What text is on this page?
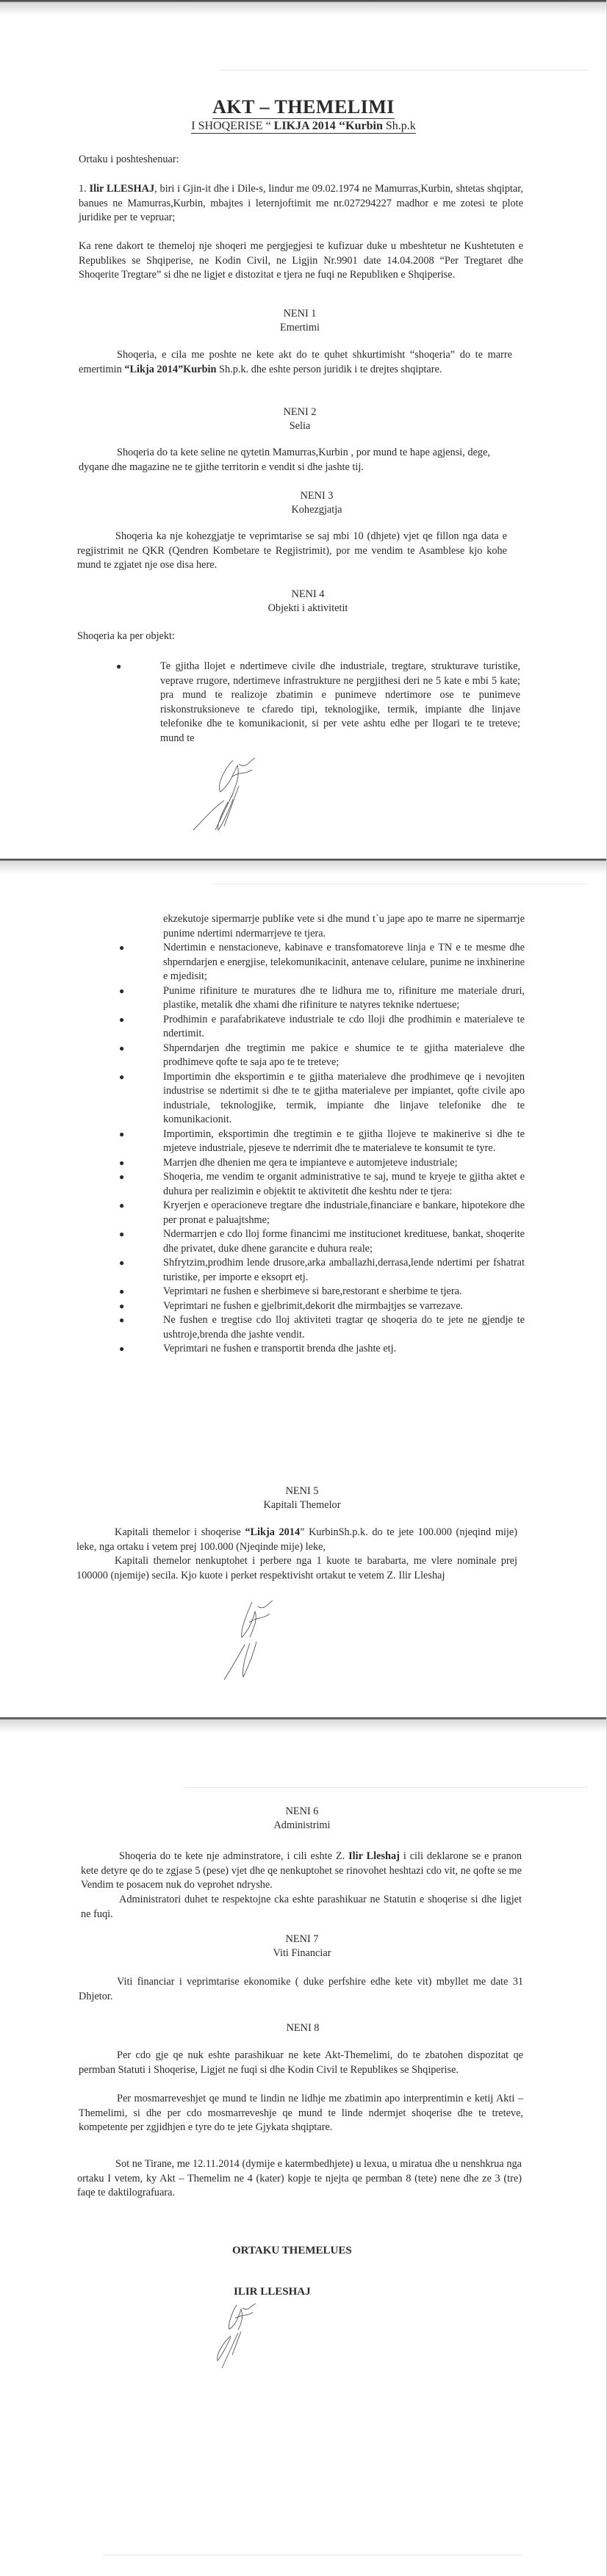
AKT – THEMELIMI
I SHOQERISE “ LIKJA 2014 ‘‘Kurbin Sh.p.k
Ortaku i poshteshenuar:
1. Ilir LLESHAJ, biri i Gjin-it dhe i Dile-s, lindur me 09.02.1974 ne Mamurras,Kurbin, shtetas shqiptar, banues ne Mamurras,Kurbin, mbajtes i leternjoftimit me nr.027294227 madhor e me zotesi te plote juridike per te vepruar;
Ka rene dakort te themeloj nje shoqeri me pergjegjesi te kufizuar duke u mbeshtetur ne Kushtetuten e Republikes se Shqiperise, ne Kodin Civil, ne Ligjin Nr.9901 date 14.04.2008 “Per Tregtaret dhe Shoqerite Tregtare” si dhe ne ligjet e distozitat e tjera ne fuqi ne Republiken e Shqiperise.
NENI 1
Emertimi
Shoqeria, e cila me poshte ne kete akt do te quhet shkurtimisht “shoqeria” do te marre emertimin “Likja 2014”Kurbin Sh.p.k. dhe eshte person juridik i te drejtes shqiptare.
NENI 2
Selia
Shoqeria do ta kete seline ne qytetin Mamurras,Kurbin , por mund te hape agjensi, dege, dyqane dhe magazine ne te gjithe territorin e vendit si dhe jashte tij.
NENI 3
Kohezgjatja
Shoqeria ka nje kohezgjatje te veprimtarise se saj mbi 10 (dhjete) vjet qe fillon nga data e regjistrimit ne QKR (Qendren Kombetare te Regjistrimit), por me vendim te Asamblese kjo kohe mund te zgjatet nje ose disa here.
NENI 4
Objekti i aktivitetit
Shoqeria ka per objekt:
●	Te gjitha llojet e ndertimeve civile dhe industriale, tregtare, strukturave turistike, veprave rrugore, ndertimeve infrastrukture ne pergjithesi deri ne 5 kate e mbi 5 kate; pra mund te realizoje zbatimin e punimeve ndertimore ose te punimeve riskonstruksioneve te cfaredo tipi, teknologjike, termik, impiante dhe linjave telefonike dhe te komunikacionit, si per vete ashtu edhe per llogari te te treteve; mund te
ekzekutoje sipermarrje publike vete si dhe mund t`u jape apo te marre ne sipermarrje punime ndertimi ndermarrjeve te tjera.
●	Ndertimin e nenstacioneve, kabinave e transfomatoreve linja e TN e te mesme dhe shperndarjen e energjise, telekomunikacinit, antenave celulare, punime ne inxhinerine e mjedisit;
●	Punime rifiniture te muratures dhe te lidhura me to, rifiniture me materiale druri, plastike, metalik dhe xhami dhe rifiniture te natyres teknike ndertuese;
●	Prodhimin e parafabrikateve industriale te cdo lloji dhe prodhimin e materialeve te ndertimit.
●	Shperndarjen dhe tregtimin me pakice e shumice te te gjitha materialeve dhe prodhimeve qofte te saja apo te te treteve;
●	Importimin dhe eksportimin e te gjitha materialeve dhe prodhimeve qe i nevojiten industrise se ndertimit si dhe te te gjitha materialeve per impiantet, qofte civile apo industriale, teknologjike, termik, impiante dhe linjave telefonike dhe te komunikacionit.
●	Importimin, eksportimin dhe tregtimin e te gjitha llojeve te makinerive si dhe te mjeteve industriale, pjeseve te nderrimit dhe te materialeve te konsumit te tyre.
●	Marrjen dhe dhenien me qera te impianteve e automjeteve industriale;
●	Shoqeria, me vendim te organit administrative te saj, mund te kryeje te gjitha aktet e duhura per realizimin e objektit te aktivitetit dhe keshtu nder te tjera:
●	Kryerjen e operacioneve tregtare dhe industriale,financiare e bankare, hipotekore dhe per pronat e paluajtshme;
●	Ndermarrjen e cdo lloj forme financimi me institucionet kredituese, bankat, shoqerite dhe privatet, duke dhene garancite e duhura reale;
●	Shfrytzim,prodhim lende drusore,arka amballazhi,derrasa,lende ndertimi per fshatrat turistike, per importe e eksoprt etj.
●	Veprimtari ne fushen e sherbimeve si bare,restorant e sherbime te tjera.
●	Veprimtari ne fushen e gjelbrimit,dekorit dhe mirmbajtjes se varrezave.
●	Ne fushen e tregtise cdo lloj aktiviteti tragtar qe shoqeria do te jete ne gjendje te ushtroje,brenda dhe jashte vendit.
●	Veprimtari ne fushen e transportit brenda dhe jashte etj.
NENI 5
Kapitali Themelor
Kapitali themelor i shoqerise “Likja 2014” KurbinSh.p.k. do te jete 100.000 (njeqind mije) leke, nga ortaku i vetem prej 100.000 (Njeqinde mije) leke,
Kapitali themelor nenkuptohet i perbere nga 1 kuote te barabarta, me vlere nominale prej 100000 (njemije) secila. Kjo kuote i perket respektivisht ortakut te vetem Z. Ilir Lleshaj
NENI 6
Administrimi
Shoqeria do te kete nje adminstratore, i cili eshte Z. Ilir Lleshaj i cili deklarone se e pranon kete detyre qe do te zgjase 5 (pese) vjet dhe qe nenkuptohet se rinovohet heshtazi cdo vit, ne qofte se me Vendim te posacem nuk do veprohet ndryshe.
Administratori duhet te respektojne cka eshte parashikuar ne Statutin e shoqerise si dhe ligjet ne fuqi.
NENI 7
Viti Financiar
Viti financiar i veprimtarise ekonomike ( duke perfshire edhe kete vit) mbyllet me date 31 Dhjetor.
NENI 8
Per cdo gje qe nuk eshte parashikuar ne kete Akt-Themelimi, do te zbatohen dispozitat qe permban Statuti i Shoqerise, Ligjet ne fuqi si dhe Kodin Civil te Republikes se Shqiperise.
Per mosmarreveshjet qe mund te lindin ne lidhje me zbatimin apo interprentimin e ketij Akti – Themelimi, si dhe per cdo mosmarreveshje qe mund te linde ndermjet shoqerise dhe te treteve, kompetente per zgjidhjen e tyre do te jete Gjykata shqiptare.
Sot ne Tirane, me 12.11.2014 (dymije e katermbedhjete) u lexua, u miratua dhe u nenshkrua nga ortaku I vetem, ky Akt – Themelim ne 4 (kater) kopje te njejta qe permban 8 (tete) nene dhe ze 3 (tre) faqe te daktilografuara.
ORTAKU THEMELUES
ILIR LLESHAJ
